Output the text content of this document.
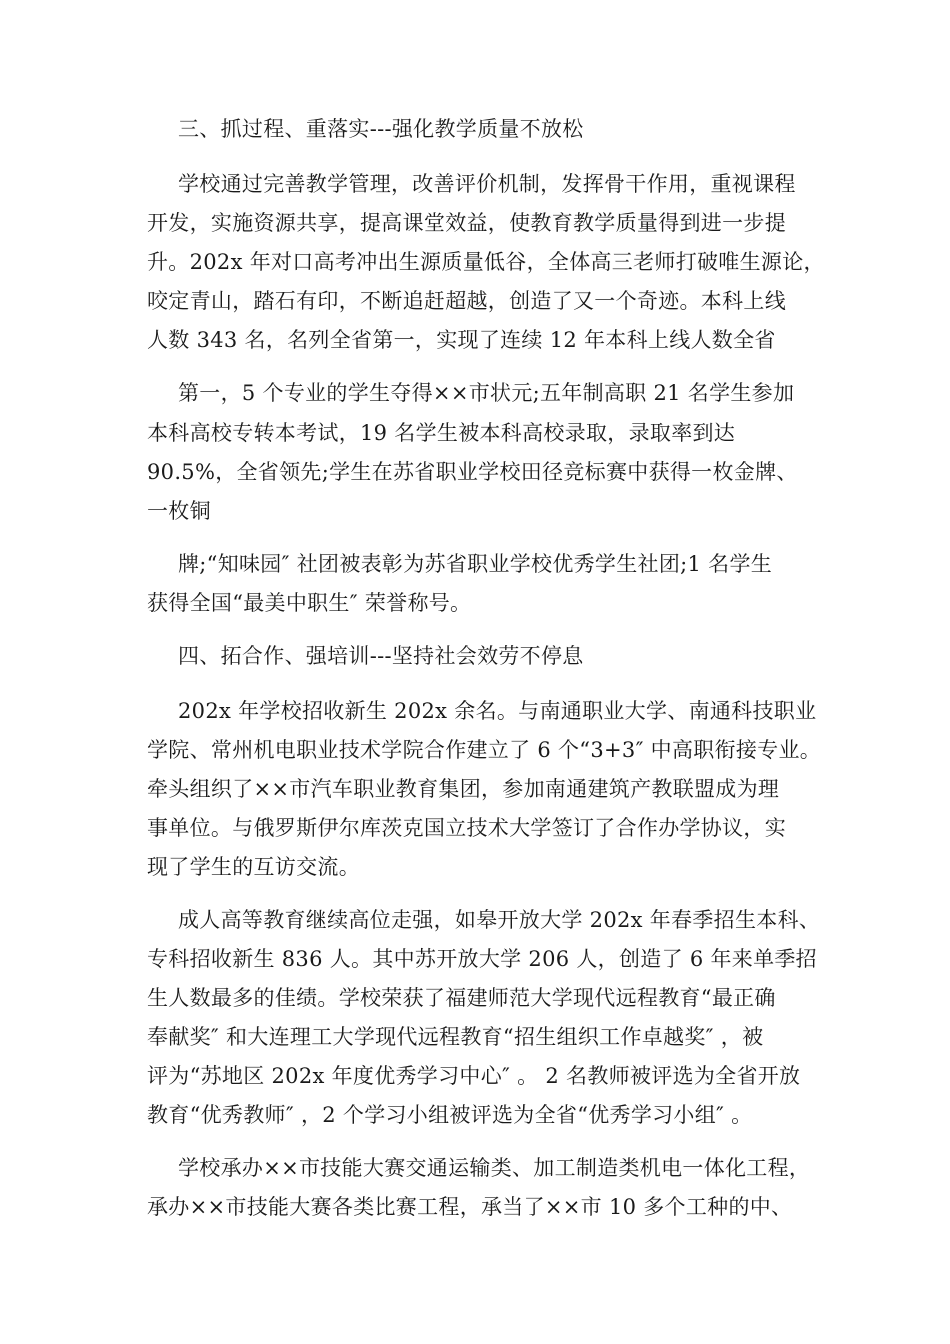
三、抓过程、重落实---强化教学质量不放松
学校通过完善教学管理，改善评价机制，发挥骨干作用，重视课程
开发，实施资源共享，提高课堂效益，使教育教学质量得到进一步提
升。202x 年对口高考冲出生源质量低谷，全体高三老师打破唯生源论，
咬定青山，踏石有印，不断追赶超越，创造了又一个奇迹。本科上线
人数 343 名，名列全省第一，实现了连续 12 年本科上线人数全省
第一，5 个专业的学生夺得××市状元;五年制高职 21 名学生参加
本科高校专转本考试，19 名学生被本科高校录取，录取率到达
90.5%，全省领先;学生在苏省职业学校田径竞标赛中获得一枚金牌、
一枚铜
牌;“知味园″ 社团被表彰为苏省职业学校优秀学生社团;1 名学生
获得全国“最美中职生″ 荣誉称号。
四、拓合作、强培训---坚持社会效劳不停息
202x 年学校招收新生 202x 余名。与南通职业大学、南通科技职业
学院、常州机电职业技术学院合作建立了 6 个“3+3″ 中高职衔接专业。
牵头组织了××市汽车职业教育集团，参加南通建筑产教联盟成为理
事单位。与俄罗斯伊尔库茨克国立技术大学签订了合作办学协议，实
现了学生的互访交流。
成人高等教育继续高位走强，如皋开放大学 202x 年春季招生本科、
专科招收新生 836 人。其中苏开放大学 206 人，创造了 6 年来单季招
生人数最多的佳绩。学校荣获了福建师范大学现代远程教育“最正确
奉献奖″ 和大连理工大学现代远程教育“招生组织工作卓越奖″ ，被
评为“苏地区 202x 年度优秀学习中心″ 。 2 名教师被评选为全省开放
教育“优秀教师″ ，2 个学习小组被评选为全省“优秀学习小组″ 。
学校承办××市技能大赛交通运输类、加工制造类机电一体化工程，
承办××市技能大赛各类比赛工程，承当了××市 10 多个工种的中、
